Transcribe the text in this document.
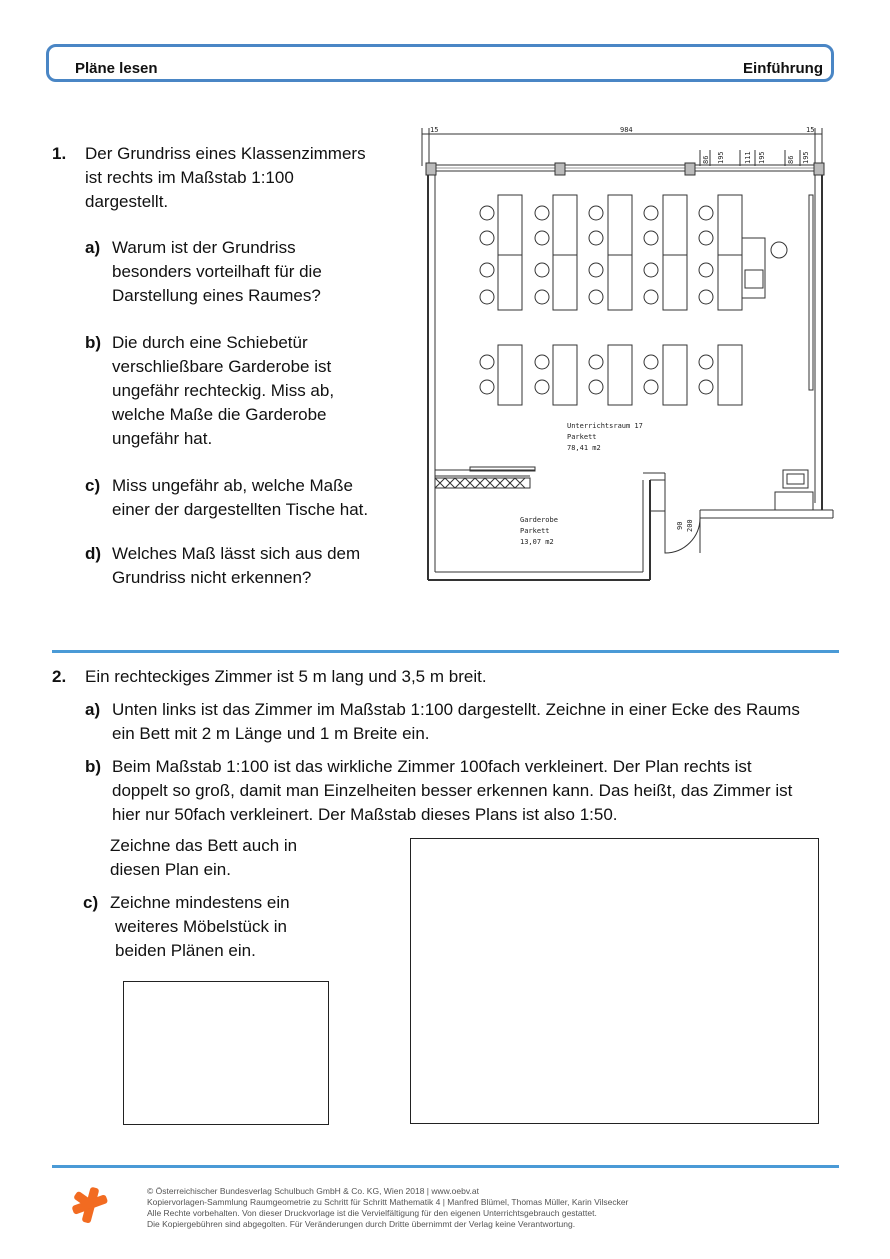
Pläne lesen	Einführung
1. Der Grundriss eines Klassenzimmers
ist rechts im Maßstab 1:100
dargestellt.
a) Warum ist der Grundriss
besonders vorteilhaft für die
Darstellung eines Raumes?
b) Die durch eine Schiebetür
verschließbare Garderobe ist
ungefähr rechteckig. Miss ab,
welche Maße die Garderobe
ungefähr hat.
c) Miss ungefähr ab, welche Maße
einer der dargestellten Tische hat.
d) Welches Maß lässt sich aus dem
Grundriss nicht erkennen?
15	984	15
86 195	111 195	86 195
Unterrichtsraum 17
Parkett
78,41 m2
Garderobe
Parkett
13,07 m2
90 200
2. Ein rechteckiges Zimmer ist 5 m lang und 3,5 m breit.
a) Unten links ist das Zimmer im Maßstab 1:100 dargestellt. Zeichne in einer Ecke des Raums
ein Bett mit 2 m Länge und 1 m Breite ein.
b) Beim Maßstab 1:100 ist das wirkliche Zimmer 100fach verkleinert. Der Plan rechts ist
doppelt so groß, damit man Einzelheiten besser erkennen kann. Das heißt, das Zimmer ist
hier nur 50fach verkleinert. Der Maßstab dieses Plans ist also 1:50.
Zeichne das Bett auch in
diesen Plan ein.
c) Zeichne mindestens ein
weiteres Möbelstück in
beiden Plänen ein.
© Österreichischer Bundesverlag Schulbuch GmbH & Co. KG, Wien 2018 | www.oebv.at
Kopiervorlagen-Sammlung Raumgeometrie zu Schritt für Schritt Mathematik 4 | Manfred Blümel, Thomas Müller, Karin Vilsecker
Alle Rechte vorbehalten. Von dieser Druckvorlage ist die Vervielfältigung für den eigenen Unterrichtsgebrauch gestattet.
Die Kopiergebühren sind abgegolten. Für Veränderungen durch Dritte übernimmt der Verlag keine Verantwortung.
